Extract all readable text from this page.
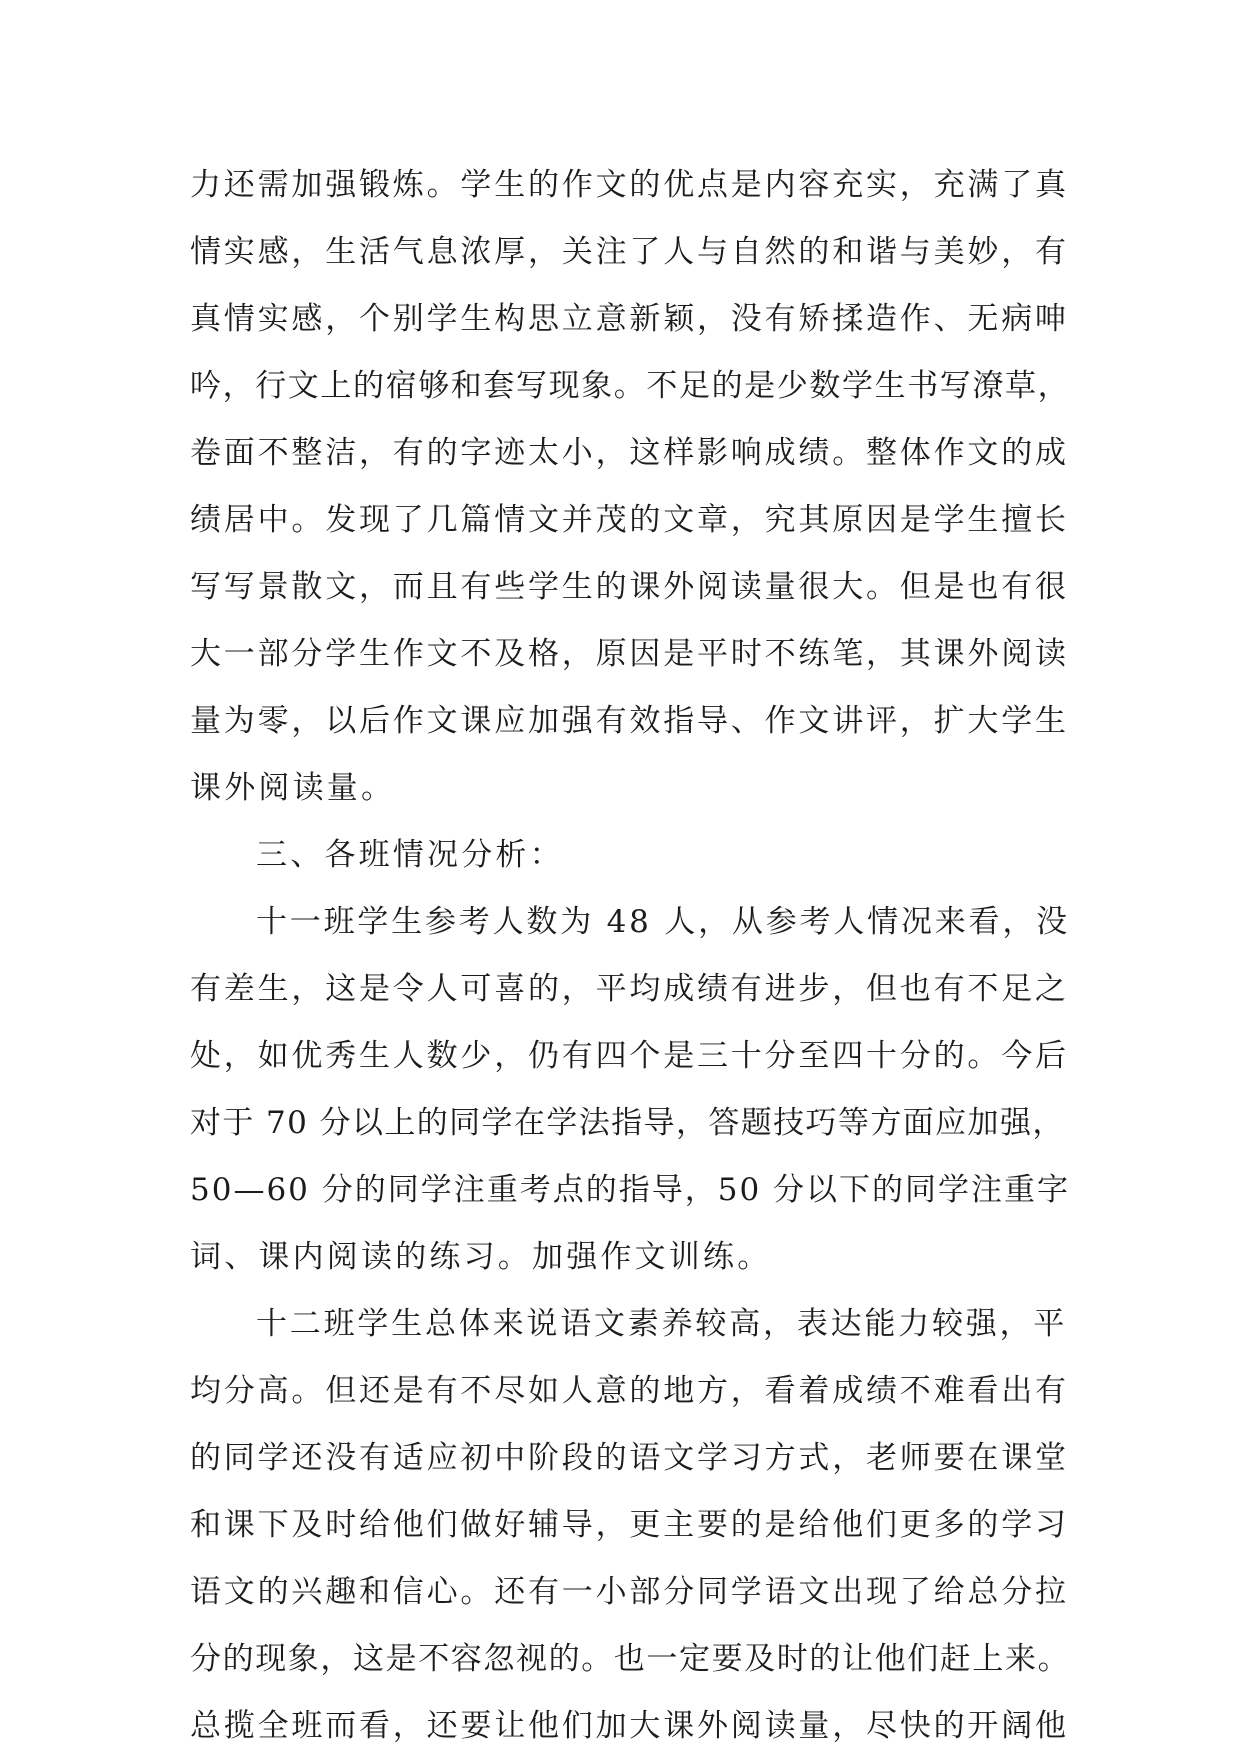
力还需加强锻炼。学生的作文的优点是内容充实，充满了真
情实感，生活气息浓厚，关注了人与自然的和谐与美妙，有
真情实感，个别学生构思立意新颖，没有矫揉造作、无病呻
吟，行文上的宿够和套写现象。不足的是少数学生书写潦草，
卷面不整洁，有的字迹太小，这样影响成绩。整体作文的成
绩居中。发现了几篇情文并茂的文章，究其原因是学生擅长
写写景散文，而且有些学生的课外阅读量很大。但是也有很
大一部分学生作文不及格，原因是平时不练笔，其课外阅读
量为零，以后作文课应加强有效指导、作文讲评，扩大学生
课外阅读量。
三、各班情况分析：
十一班学生参考人数为 48 人，从参考人情况来看，没
有差生，这是令人可喜的，平均成绩有进步，但也有不足之
处，如优秀生人数少，仍有四个是三十分至四十分的。今后
对于 70 分以上的同学在学法指导，答题技巧等方面应加强，
50—60 分的同学注重考点的指导，50 分以下的同学注重字
词、课内阅读的练习。加强作文训练。
十二班学生总体来说语文素养较高，表达能力较强，平
均分高。但还是有不尽如人意的地方，看着成绩不难看出有
的同学还没有适应初中阶段的语文学习方式，老师要在课堂
和课下及时给他们做好辅导，更主要的是给他们更多的学习
语文的兴趣和信心。还有一小部分同学语文出现了给总分拉
分的现象，这是不容忽视的。也一定要及时的让他们赶上来。
总揽全班而看，还要让他们加大课外阅读量，尽快的开阔他
